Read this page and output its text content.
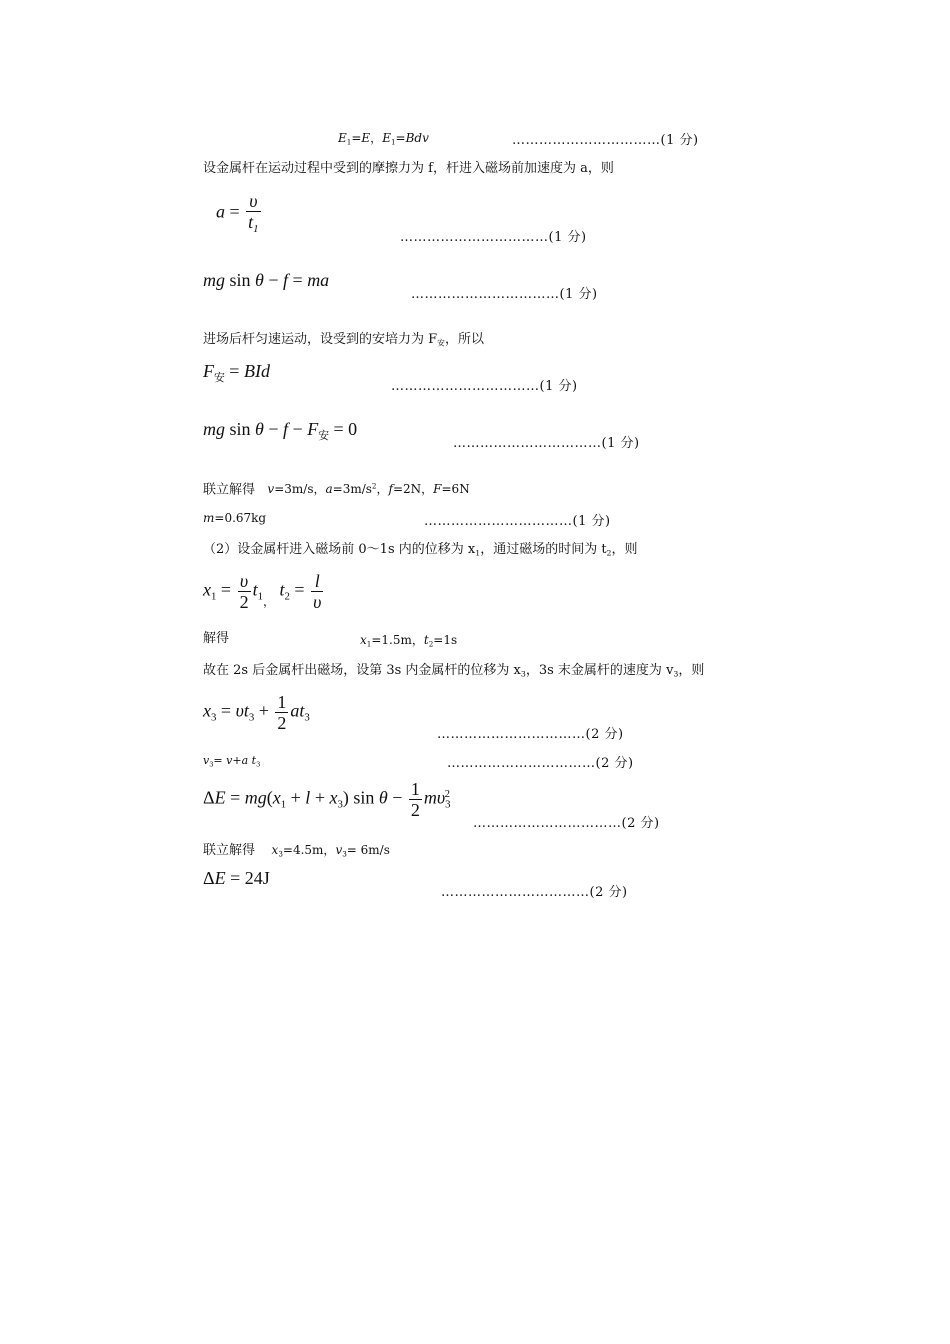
$E_1=E$，$E_1=Bdv$	……………………………(1 分)
设金属杆在运动过程中受到的摩擦力为 f，杆进入磁场前加速度为 a，则
$a = \frac{\upsilon}{t_1}$
……………………………(1 分)
mg sin θ − f = ma
……………………………(1 分)
进场后杆匀速运动，设受到的安培力为 $F_安$，所以
$F_安$ = BId
……………………………(1 分)
mg $\sin \theta - f - F_安 = 0$
……………………………(1 分)
联立解得 v=3m/s，$a=3m/s^2$，f=2N，F=6N
m=0.67kg	……………………………(1 分)
（2）设金属杆进入磁场前 0～1s 内的位移为 $x_1$，通过磁场的时间为 $t_2$，则
$x_1 = \frac{\upsilon}{2} t_{1,}$ $t_2 = \frac{l}{\upsilon}$
解得	$x_1=1.5m$，$t_2=1s$
故在 2s 后金属杆出磁场，设第 3s 内金属杆的位移为 $x_3$，3s 末金属杆的速度为 $v_3$，则
$x_3 = \upsilon t_3 + \frac{1}{2} at_3$
……………………………(2 分)
$v_3= v+a$ $t_3$	……………………………(2 分)
$\Delta E = mg(x_1 + l + x_3)$ $\sin \theta - \frac{1}{2} m\upsilon_3^2$
……………………………(2 分)
联立解得 $x_3=4.5m$，$v_3= 6m/s$
ΔE = 24J
……………………………(2 分)
